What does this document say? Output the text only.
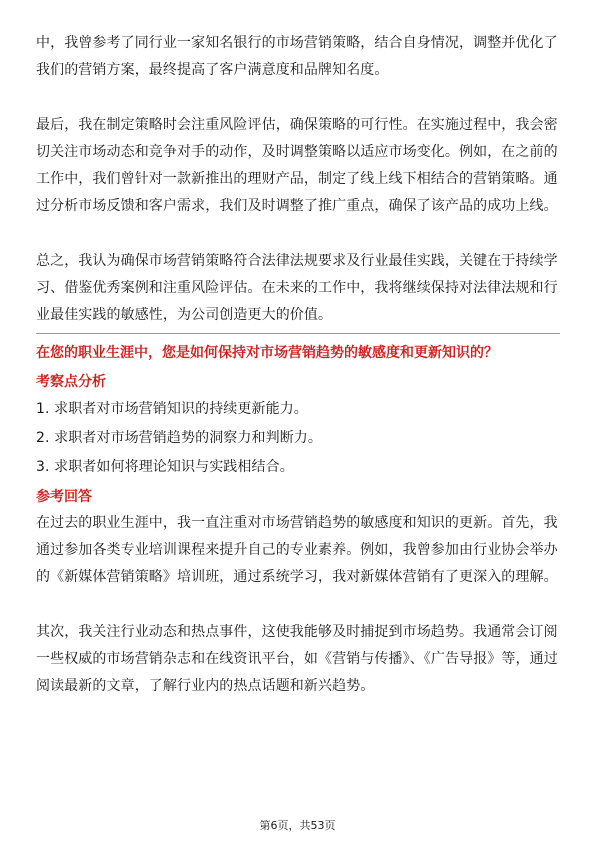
中，我曾参考了同行业一家知名银行的市场营销策略，结合自身情况，调整并优化了我们的营销方案，最终提高了客户满意度和品牌知名度。

最后，我在制定策略时会注重风险评估，确保策略的可行性。在实施过程中，我会密切关注市场动态和竞争对手的动作，及时调整策略以适应市场变化。例如，在之前的工作中，我们曾针对一款新推出的理财产品，制定了线上线下相结合的营销策略。通过分析市场反馈和客户需求，我们及时调整了推广重点，确保了该产品的成功上线。

总之，我认为确保市场营销策略符合法律法规要求及行业最佳实践，关键在于持续学习、借鉴优秀案例和注重风险评估。在未来的工作中，我将继续保持对法律法规和行业最佳实践的敏感性，为公司创造更大的价值。

在您的职业生涯中，您是如何保持对市场营销趋势的敏感度和更新知识的？
考察点分析

1. 求职者对市场营销知识的持续更新能力。

2. 求职者对市场营销趋势的洞察力和判断力。

3. 求职者如何将理论知识与实践相结合。

参考回答

在过去的职业生涯中，我一直注重对市场营销趋势的敏感度和知识的更新。首先，我通过参加各类专业培训课程来提升自己的专业素养。例如，我曾参加由行业协会举办的《新媒体营销策略》培训班，通过系统学习，我对新媒体营销有了更深入的理解。

其次，我关注行业动态和热点事件，这使我能够及时捕捉到市场趋势。我通常会订阅一些权威的市场营销杂志和在线资讯平台，如《营销与传播》、《广告导报》等，通过阅读最新的文章，了解行业内的热点话题和新兴趋势。

第6页，共53页
